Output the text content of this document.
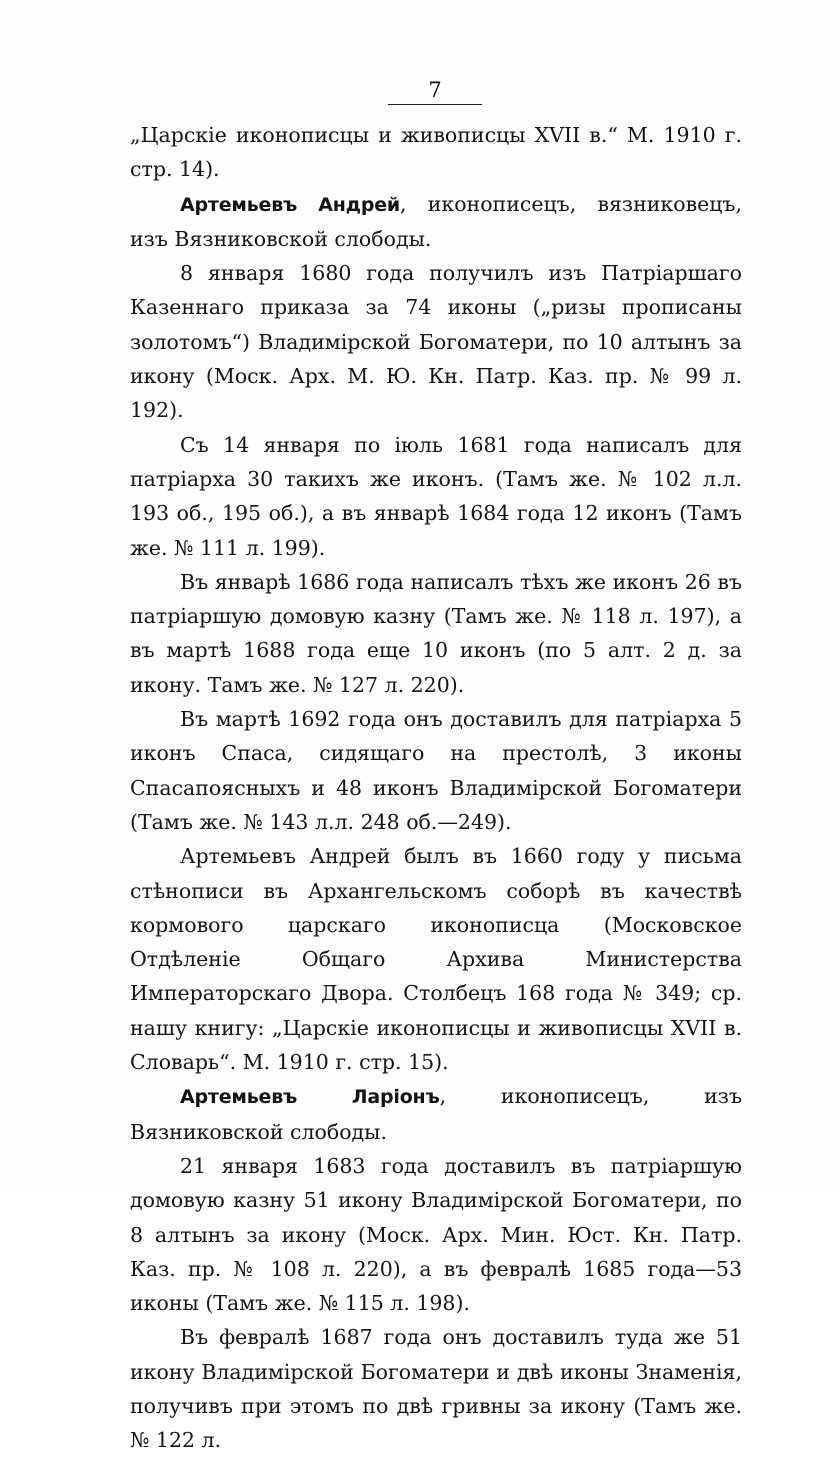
7

„Царскіе иконописцы и живописцы XVII в.“ М. 1910 г. стр. 14).

Артемьевъ Андрей, иконописецъ, вязниковецъ, изъ Вязниковской слободы.

8 января 1680 года получилъ изъ Патріаршаго Казеннаго приказа за 74 иконы („ризы прописаны золотомъ“) Владимірской Богоматери, по 10 алтынъ за икону (Моск. Арх. М. Ю. Кн. Патр. Каз. пр. № 99 л. 192).

Съ 14 января по іюль 1681 года написалъ для патріарха 30 такихъ же иконъ. (Тамъ же. № 102 л.л. 193 об., 195 об.), а въ январѣ 1684 года 12 иконъ (Тамъ же. № 111 л. 199).

Въ январѣ 1686 года написалъ тѣхъ же иконъ 26 въ патріаршую домовую казну (Тамъ же. № 118 л. 197), а въ мартѣ 1688 года еще 10 иконъ (по 5 алт. 2 д. за икону. Тамъ же. № 127 л. 220).

Въ мартѣ 1692 года онъ доставилъ для патріарха 5 иконъ Спаса, сидящаго на престолѣ, 3 иконы Спасапоясныхъ и 48 иконъ Владимірской Богоматери (Тамъ же. № 143 л.л. 248 об.—249).

Артемьевъ Андрей былъ въ 1660 году у письма стѣнописи въ Архангельскомъ соборѣ въ качествѣ кормового царскаго иконописца (Московское Отдѣленіе Общаго Архива Министерства Императорскаго Двора. Столбецъ 168 года № 349; ср. нашу книгу: „Царскіе иконописцы и живописцы XVII в. Словарь“. М. 1910 г. стр. 15).

Артемьевъ Ларіонъ, иконописецъ, изъ Вязниковской слободы.

21 января 1683 года доставилъ въ патріаршую домовую казну 51 икону Владимірской Богоматери, по 8 алтынъ за икону (Моск. Арх. Мин. Юст. Кн. Патр. Каз. пр. № 108 л. 220), а въ февралѣ 1685 года—53 иконы (Тамъ же. № 115 л. 198).

Въ февралѣ 1687 года онъ доставилъ туда же 51 икону Владимірской Богоматери и двѣ иконы Знаменія, получивъ при этомъ по двѣ гривны за икону (Тамъ же. № 122 л.
